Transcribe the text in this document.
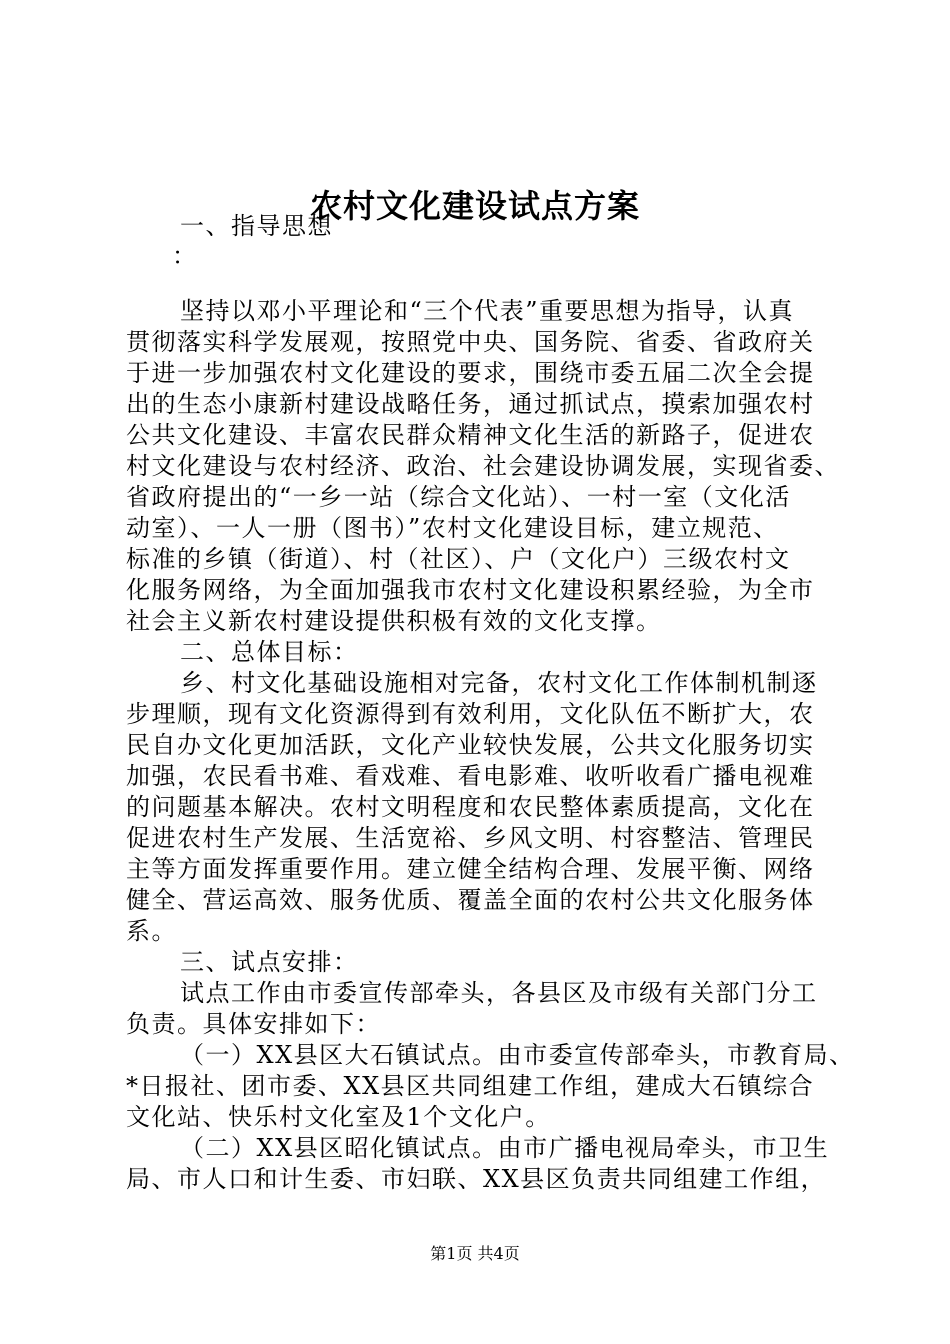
农村文化建设试点方案
一、指导思想
：
坚持以邓小平理论和“三个代表”重要思想为指导，认真
贯彻落实科学发展观，按照党中央、国务院、省委、省政府关
于进一步加强农村文化建设的要求，围绕市委五届二次全会提
出的生态小康新村建设战略任务，通过抓试点，摸索加强农村
公共文化建设、丰富农民群众精神文化生活的新路子，促进农
村文化建设与农村经济、政治、社会建设协调发展，实现省委、
省政府提出的“一乡一站（综合文化站）、一村一室（文化活
动室）、一人一册（图书）”农村文化建设目标，建立规范、
标准的乡镇（街道）、村（社区）、户（文化户）三级农村文
化服务网络，为全面加强我市农村文化建设积累经验，为全市
社会主义新农村建设提供积极有效的文化支撑。
二、总体目标：
乡、村文化基础设施相对完备，农村文化工作体制机制逐
步理顺，现有文化资源得到有效利用，文化队伍不断扩大，农
民自办文化更加活跃，文化产业较快发展，公共文化服务切实
加强，农民看书难、看戏难、看电影难、收听收看广播电视难
的问题基本解决。农村文明程度和农民整体素质提高，文化在
促进农村生产发展、生活宽裕、乡风文明、村容整洁、管理民
主等方面发挥重要作用。建立健全结构合理、发展平衡、网络
健全、营运高效、服务优质、覆盖全面的农村公共文化服务体
系。
三、试点安排：
试点工作由市委宣传部牵头，各县区及市级有关部门分工
负责。具体安排如下：
（一）XX县区大石镇试点。由市委宣传部牵头，市教育局、
*日报社、团市委、XX县区共同组建工作组，建成大石镇综合
文化站、快乐村文化室及1个文化户。
（二）XX县区昭化镇试点。由市广播电视局牵头，市卫生
局、市人口和计生委、市妇联、XX县区负责共同组建工作组，
第1页 共4页
